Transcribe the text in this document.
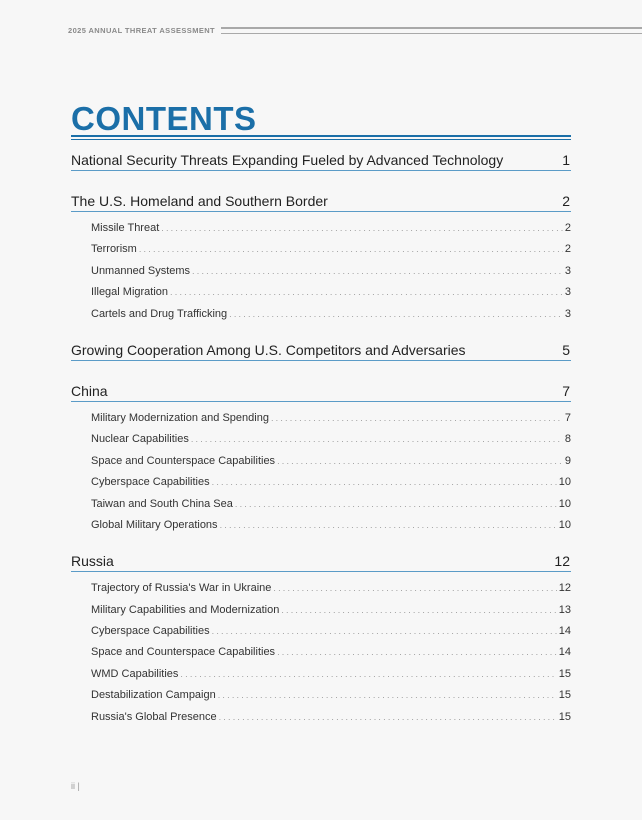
2025 ANNUAL THREAT ASSESSMENT
CONTENTS
National Security Threats Expanding Fueled by Advanced Technology	1
The U.S. Homeland and Southern Border	2
Missile Threat .....	2
Terrorism .....	2
Unmanned Systems .....	3
Illegal Migration .....	3
Cartels and Drug Trafficking .....	3
Growing Cooperation Among U.S. Competitors and Adversaries	5
China	7
Military Modernization and Spending .....	7
Nuclear Capabilities .....	8
Space and Counterspace Capabilities .....	9
Cyberspace Capabilities .....	10
Taiwan and South China Sea .....	10
Global Military Operations .....	10
Russia	12
Trajectory of Russia's War in Ukraine .....	12
Military Capabilities and Modernization .....	13
Cyberspace Capabilities .....	14
Space and Counterspace Capabilities .....	14
WMD Capabilities .....	15
Destabilization Campaign .....	15
Russia's Global Presence .....	15
ii |
